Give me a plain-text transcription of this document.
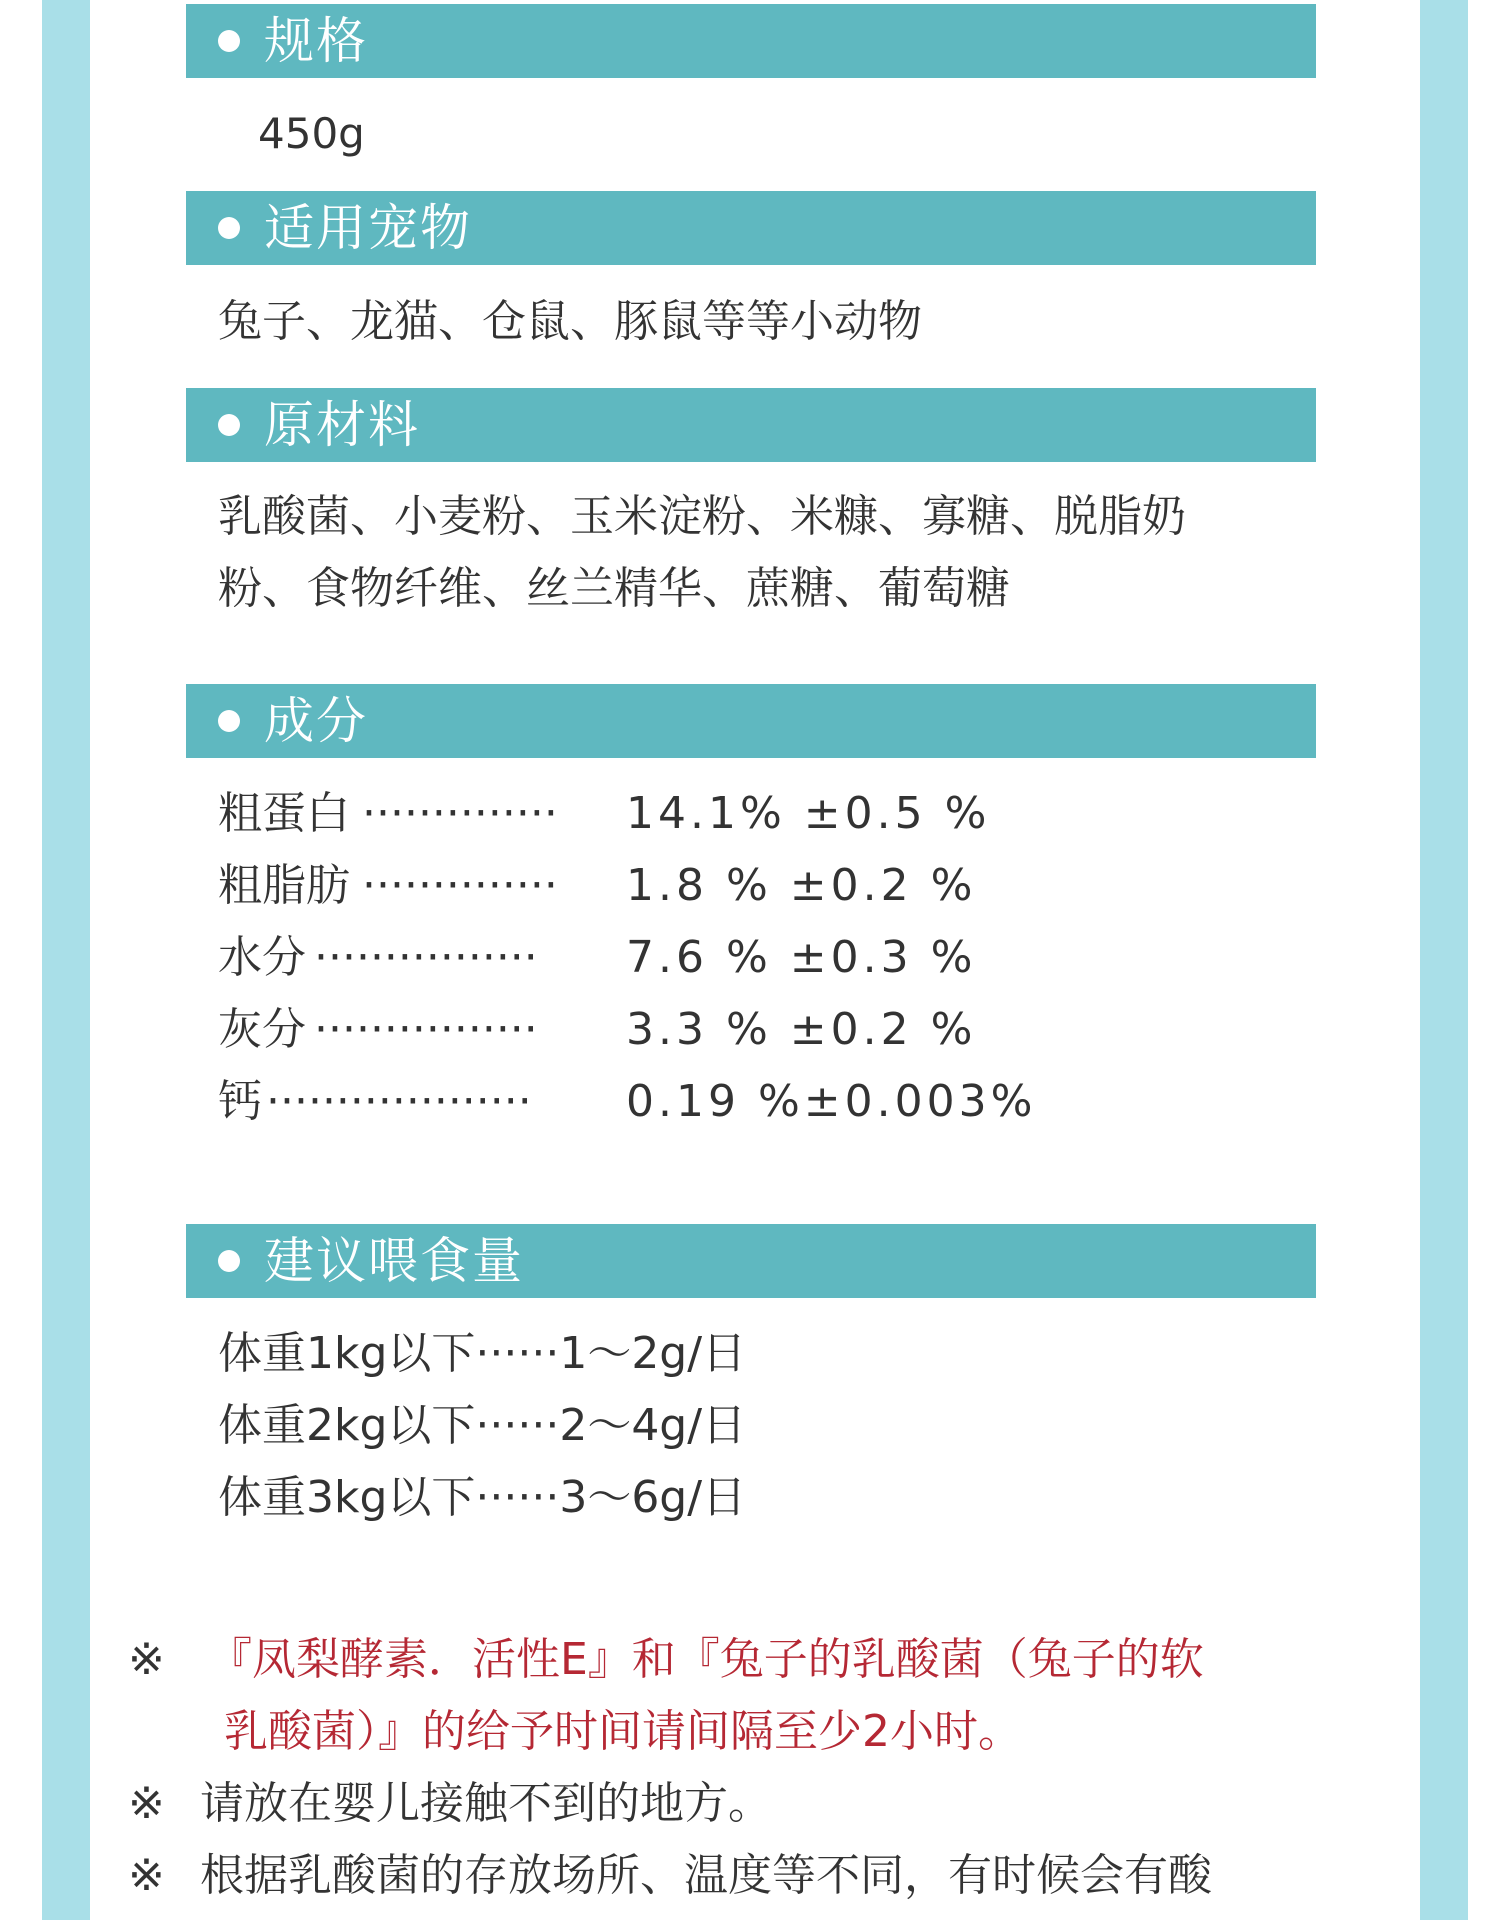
规格
450g
适用宠物
兔子、龙猫、仓鼠、豚鼠等等小动物
原材料
乳酸菌、小麦粉、玉米淀粉、米糠、寡糖、脱脂奶
粉、食物纤维、丝兰精华、蔗糖、葡萄糖
成分
粗蛋白 ·············· 14.1% ±0.5 %
粗脂肪 ·············· 1.8 % ±0.2 %
水分 ················ 7.6 % ±0.3 %
灰分 ················ 3.3 % ±0.2 %
钙 ··················· 0.19 %±0.003%
建议喂食量
体重1kg以下······1～2g/日
体重2kg以下······2～4g/日
体重3kg以下······3～6g/日
※ 『凤梨酵素．活性E』和『兔子的乳酸菌（兔子的软
乳酸菌）』的给予时间请间隔至少2小时。
※ 请放在婴儿接触不到的地方。
※ 根据乳酸菌的存放场所、温度等不同，有时候会有酸
